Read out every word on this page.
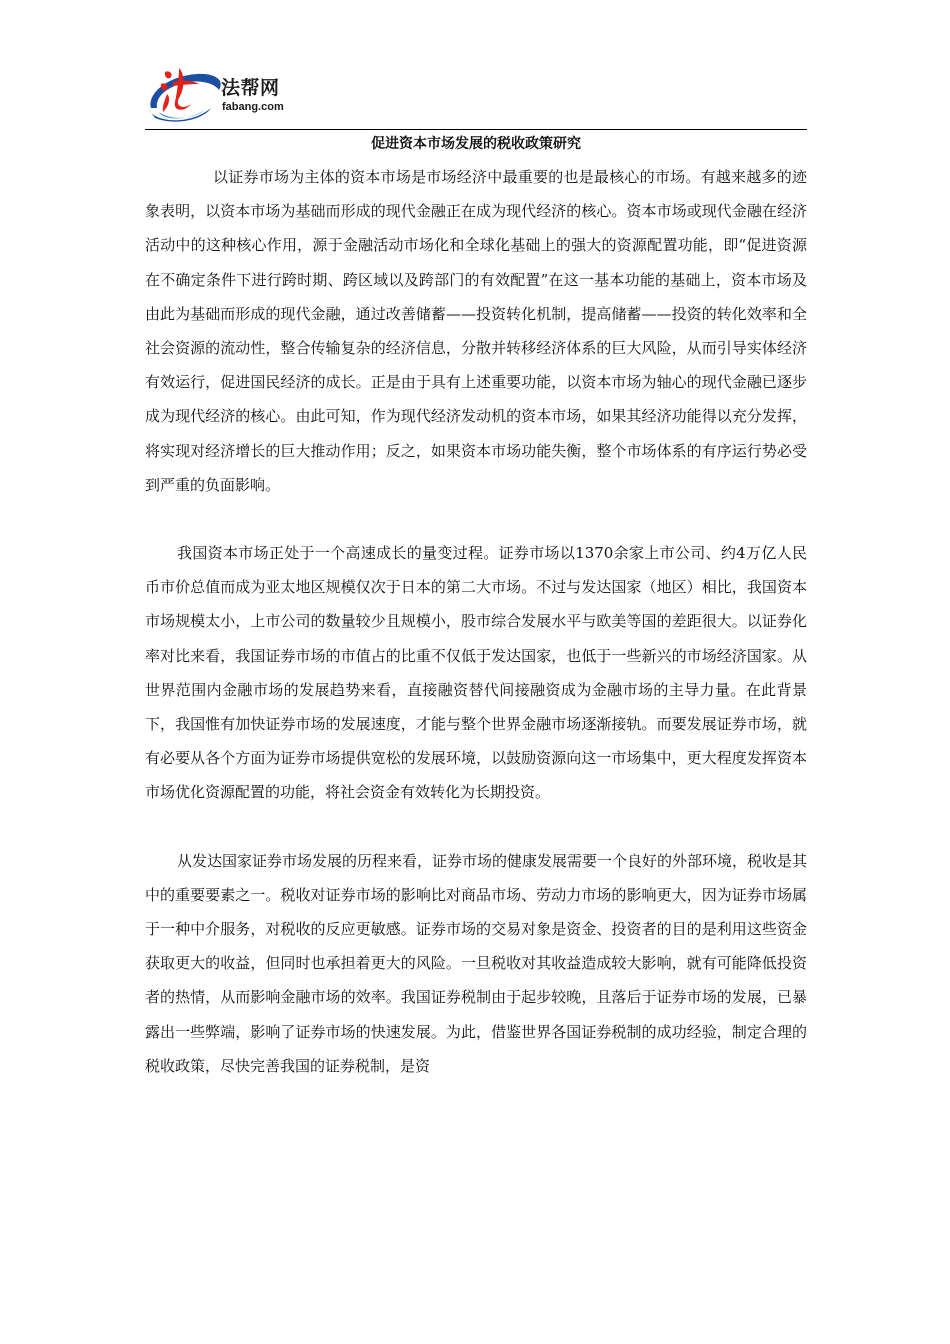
法帮网
fabang.com
促进资本市场发展的税收政策研究

以证券市场为主体的资本市场是市场经济中最重要的也是最核心的市场。有越来越多的迹象表明，以资本市场为基础而形成的现代金融正在成为现代经济的核心。资本市场或现代金融在经济活动中的这种核心作用，源于金融活动市场化和全球化基础上的强大的资源配置功能，即“促进资源在不确定条件下进行跨时期、跨区域以及跨部门的有效配置”在这一基本功能的基础上，资本市场及由此为基础而形成的现代金融，通过改善储蓄——投资转化机制，提高储蓄——投资的转化效率和全社会资源的流动性，整合传输复杂的经济信息，分散并转移经济体系的巨大风险，从而引导实体经济有效运行，促进国民经济的成长。正是由于具有上述重要功能，以资本市场为轴心的现代金融已逐步成为现代经济的核心。由此可知，作为现代经济发动机的资本市场，如果其经济功能得以充分发挥，将实现对经济增长的巨大推动作用；反之，如果资本市场功能失衡，整个市场体系的有序运行势必受到严重的负面影响。

我国资本市场正处于一个高速成长的量变过程。证券市场以1370余家上市公司、约4万亿人民币市价总值而成为亚太地区规模仅次于日本的第二大市场。不过与发达国家（地区）相比，我国资本市场规模太小，上市公司的数量较少且规模小，股市综合发展水平与欧美等国的差距很大。以证券化率对比来看，我国证券市场的市值占的比重不仅低于发达国家，也低于一些新兴的市场经济国家。从世界范围内金融市场的发展趋势来看，直接融资替代间接融资成为金融市场的主导力量。在此背景下，我国惟有加快证券市场的发展速度，才能与整个世界金融市场逐渐接轨。而要发展证券市场，就有必要从各个方面为证券市场提供宽松的发展环境，以鼓励资源向这一市场集中，更大程度发挥资本市场优化资源配置的功能，将社会资金有效转化为长期投资。

从发达国家证券市场发展的历程来看，证券市场的健康发展需要一个良好的外部环境，税收是其中的重要要素之一。税收对证券市场的影响比对商品市场、劳动力市场的影响更大，因为证券市场属于一种中介服务，对税收的反应更敏感。证券市场的交易对象是资金、投资者的目的是利用这些资金获取更大的收益，但同时也承担着更大的风险。一旦税收对其收益造成较大影响，就有可能降低投资者的热情，从而影响金融市场的效率。我国证券税制由于起步较晚，且落后于证券市场的发展，已暴露出一些弊端，影响了证券市场的快速发展。为此，借鉴世界各国证券税制的成功经验，制定合理的税收政策，尽快完善我国的证券税制，是资
